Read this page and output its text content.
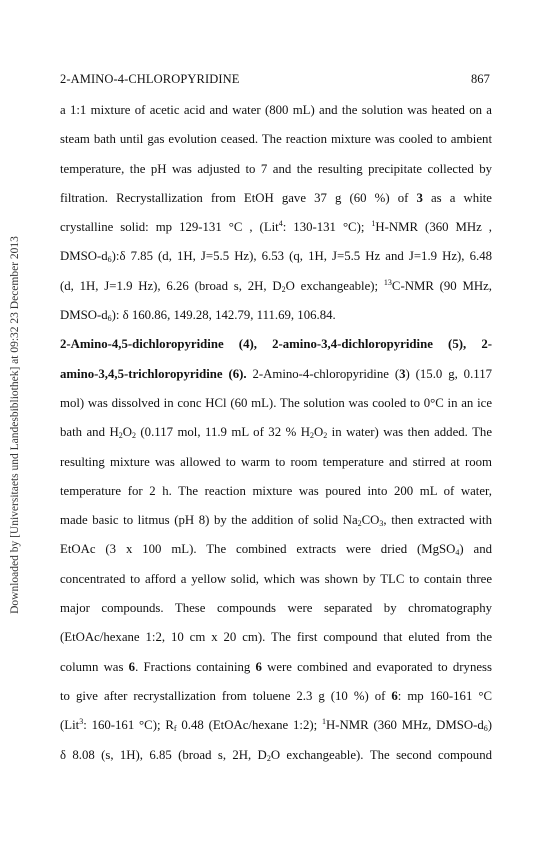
Downloaded by [Universitaets und Landesbibliothek] at 09:32 23 December 2013
2-AMINO-4-CHLOROPYRIDINE	867
a 1:1 mixture of acetic acid and water (800 mL) and the solution was heated on a
steam bath until gas evolution ceased. The reaction mixture was cooled to ambient
temperature, the pH was adjusted to 7 and the resulting precipitate collected by
filtration. Recrystallization from EtOH gave 37 g (60 %) of 3 as a white
crystalline solid: mp 129-131 °C , (Lit$^4$: 130-131 °C); $^1$H-NMR (360 MHz ,
DMSO-$d_6):\delta$ 7.85 (d, 1H, J=5.5 Hz), 6.53 (q, 1H, J=5.5 Hz and J=1.9 Hz), 6.48
(d, 1H, J=1.9 Hz), 6.26 (broad s, 2H, $D_2O$ exchangeable); $^{13}$C-NMR (90 MHz,
DMSO-$d_6$): δ 160.86, 149.28, 142.79, 111.69, 106.84.
2-Amino-4,5-dichloropyridine (4), 2-amino-3,4-dichloropyridine (5), 2-
amino-3,4,5-trichloropyridine (6). 2-Amino-4-chloropyridine (3) (15.0 g, 0.117
mol) was dissolved in conc HCl (60 mL). The solution was cooled to 0°C in an ice
bath and $H_2O_2$ (0.117 mol, 11.9 mL of 32 % $H_2O_2$ in water) was then added. The
resulting mixture was allowed to warm to room temperature and stirred at room
temperature for 2 h. The reaction mixture was poured into 200 mL of water,
made basic to litmus (pH 8) by the addition of solid $Na_2CO_3$, then extracted with
EtOAc (3 x 100 mL). The combined extracts were dried (MgSO$_4$) and
concentrated to afford a yellow solid, which was shown by TLC to contain three
major compounds. These compounds were separated by chromatography
(EtOAc/hexane 1:2, 10 cm x 20 cm). The first compound that eluted from the
column was 6. Fractions containing 6 were combined and evaporated to dryness
to give after recrystallization from toluene 2.3 g (10 %) of 6: mp 160-161 °C
(Lit$^3$: 160-161 °C); $R_f$ 0.48 (EtOAc/hexane 1:2); $^1$H-NMR (360 MHz, DMSO-$d_6$)
δ 8.08 (s, 1H), 6.85 (broad s, 2H, $D_2O$ exchangeable). The second compound
